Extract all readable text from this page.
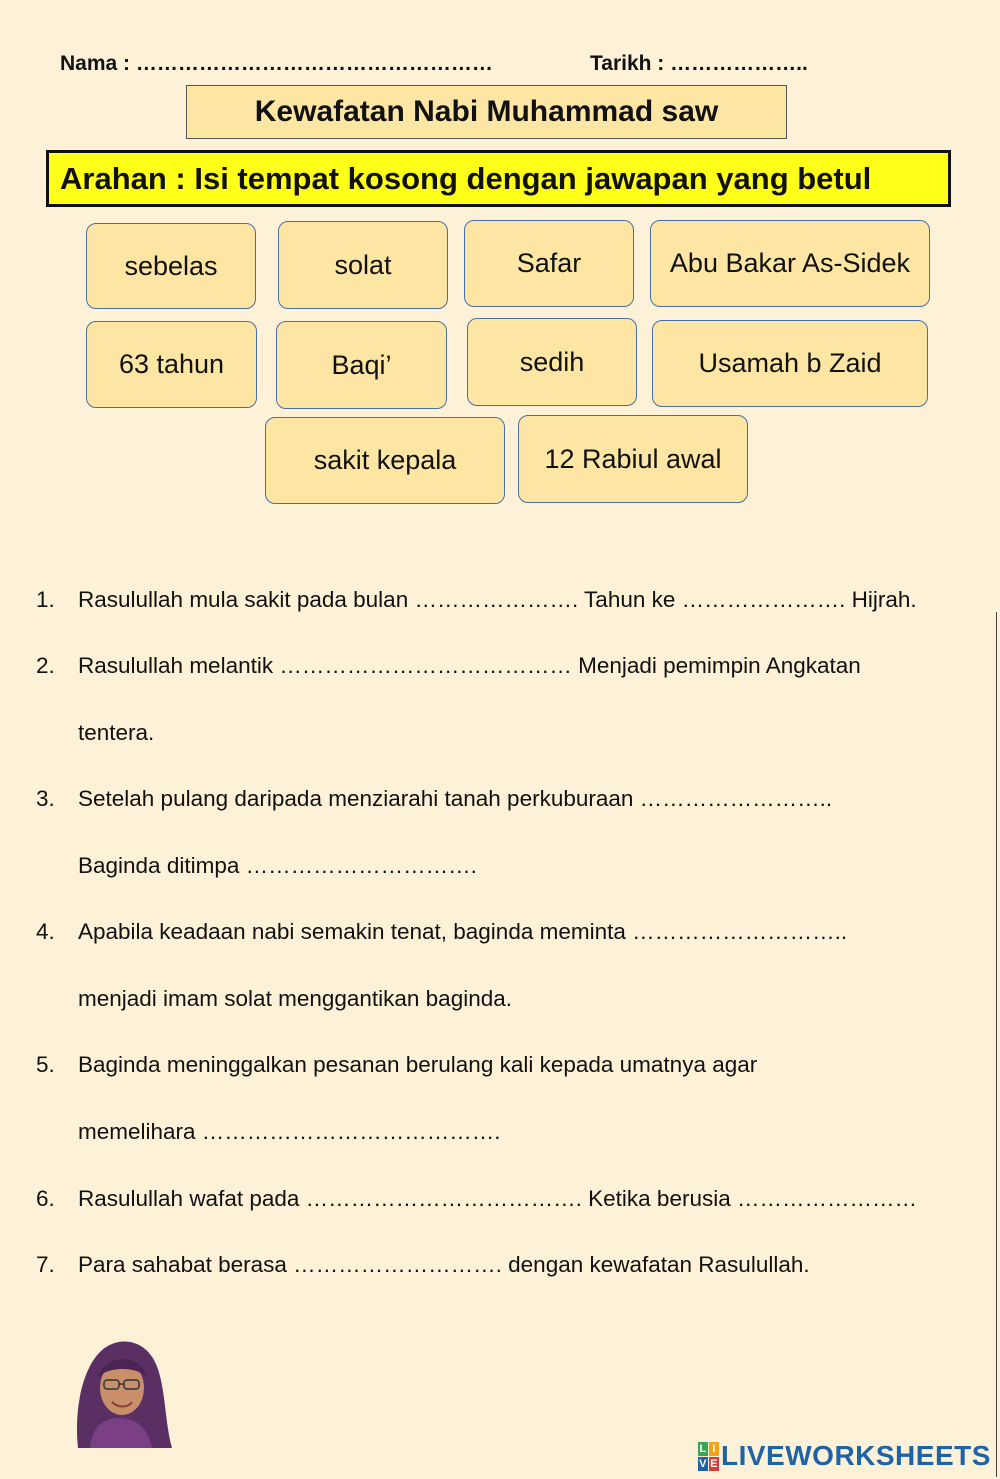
Nama : ……………………………………………	Tarikh : ………………..
Kewafatan Nabi Muhammad saw
Arahan : Isi tempat kosong dengan jawapan yang betul
sebelas	solat	Safar	Abu Bakar As-Sidek
63 tahun	Baqi’	sedih	Usamah b Zaid
sakit kepala	12 Rabiul awal
1. Rasulullah mula sakit pada bulan …………………. Tahun ke …………………. Hijrah.
2. Rasulullah melantik ………………………………… Menjadi pemimpin Angkatan
tentera.
3. Setelah pulang daripada menziarahi tanah perkuburaan ……………………..
Baginda ditimpa ………………………….
4. Apabila keadaan nabi semakin tenat, baginda meminta ………………………..
menjadi imam solat menggantikan baginda.
5. Baginda meninggalkan pesanan berulang kali kepada umatnya agar
memelihara ………………………………….
6. Rasulullah wafat pada ………………………………. Ketika berusia ……………………
7. Para sahabat berasa ………………………. dengan kewafatan Rasulullah.
L I
V E LIVEWORKSHEETS
